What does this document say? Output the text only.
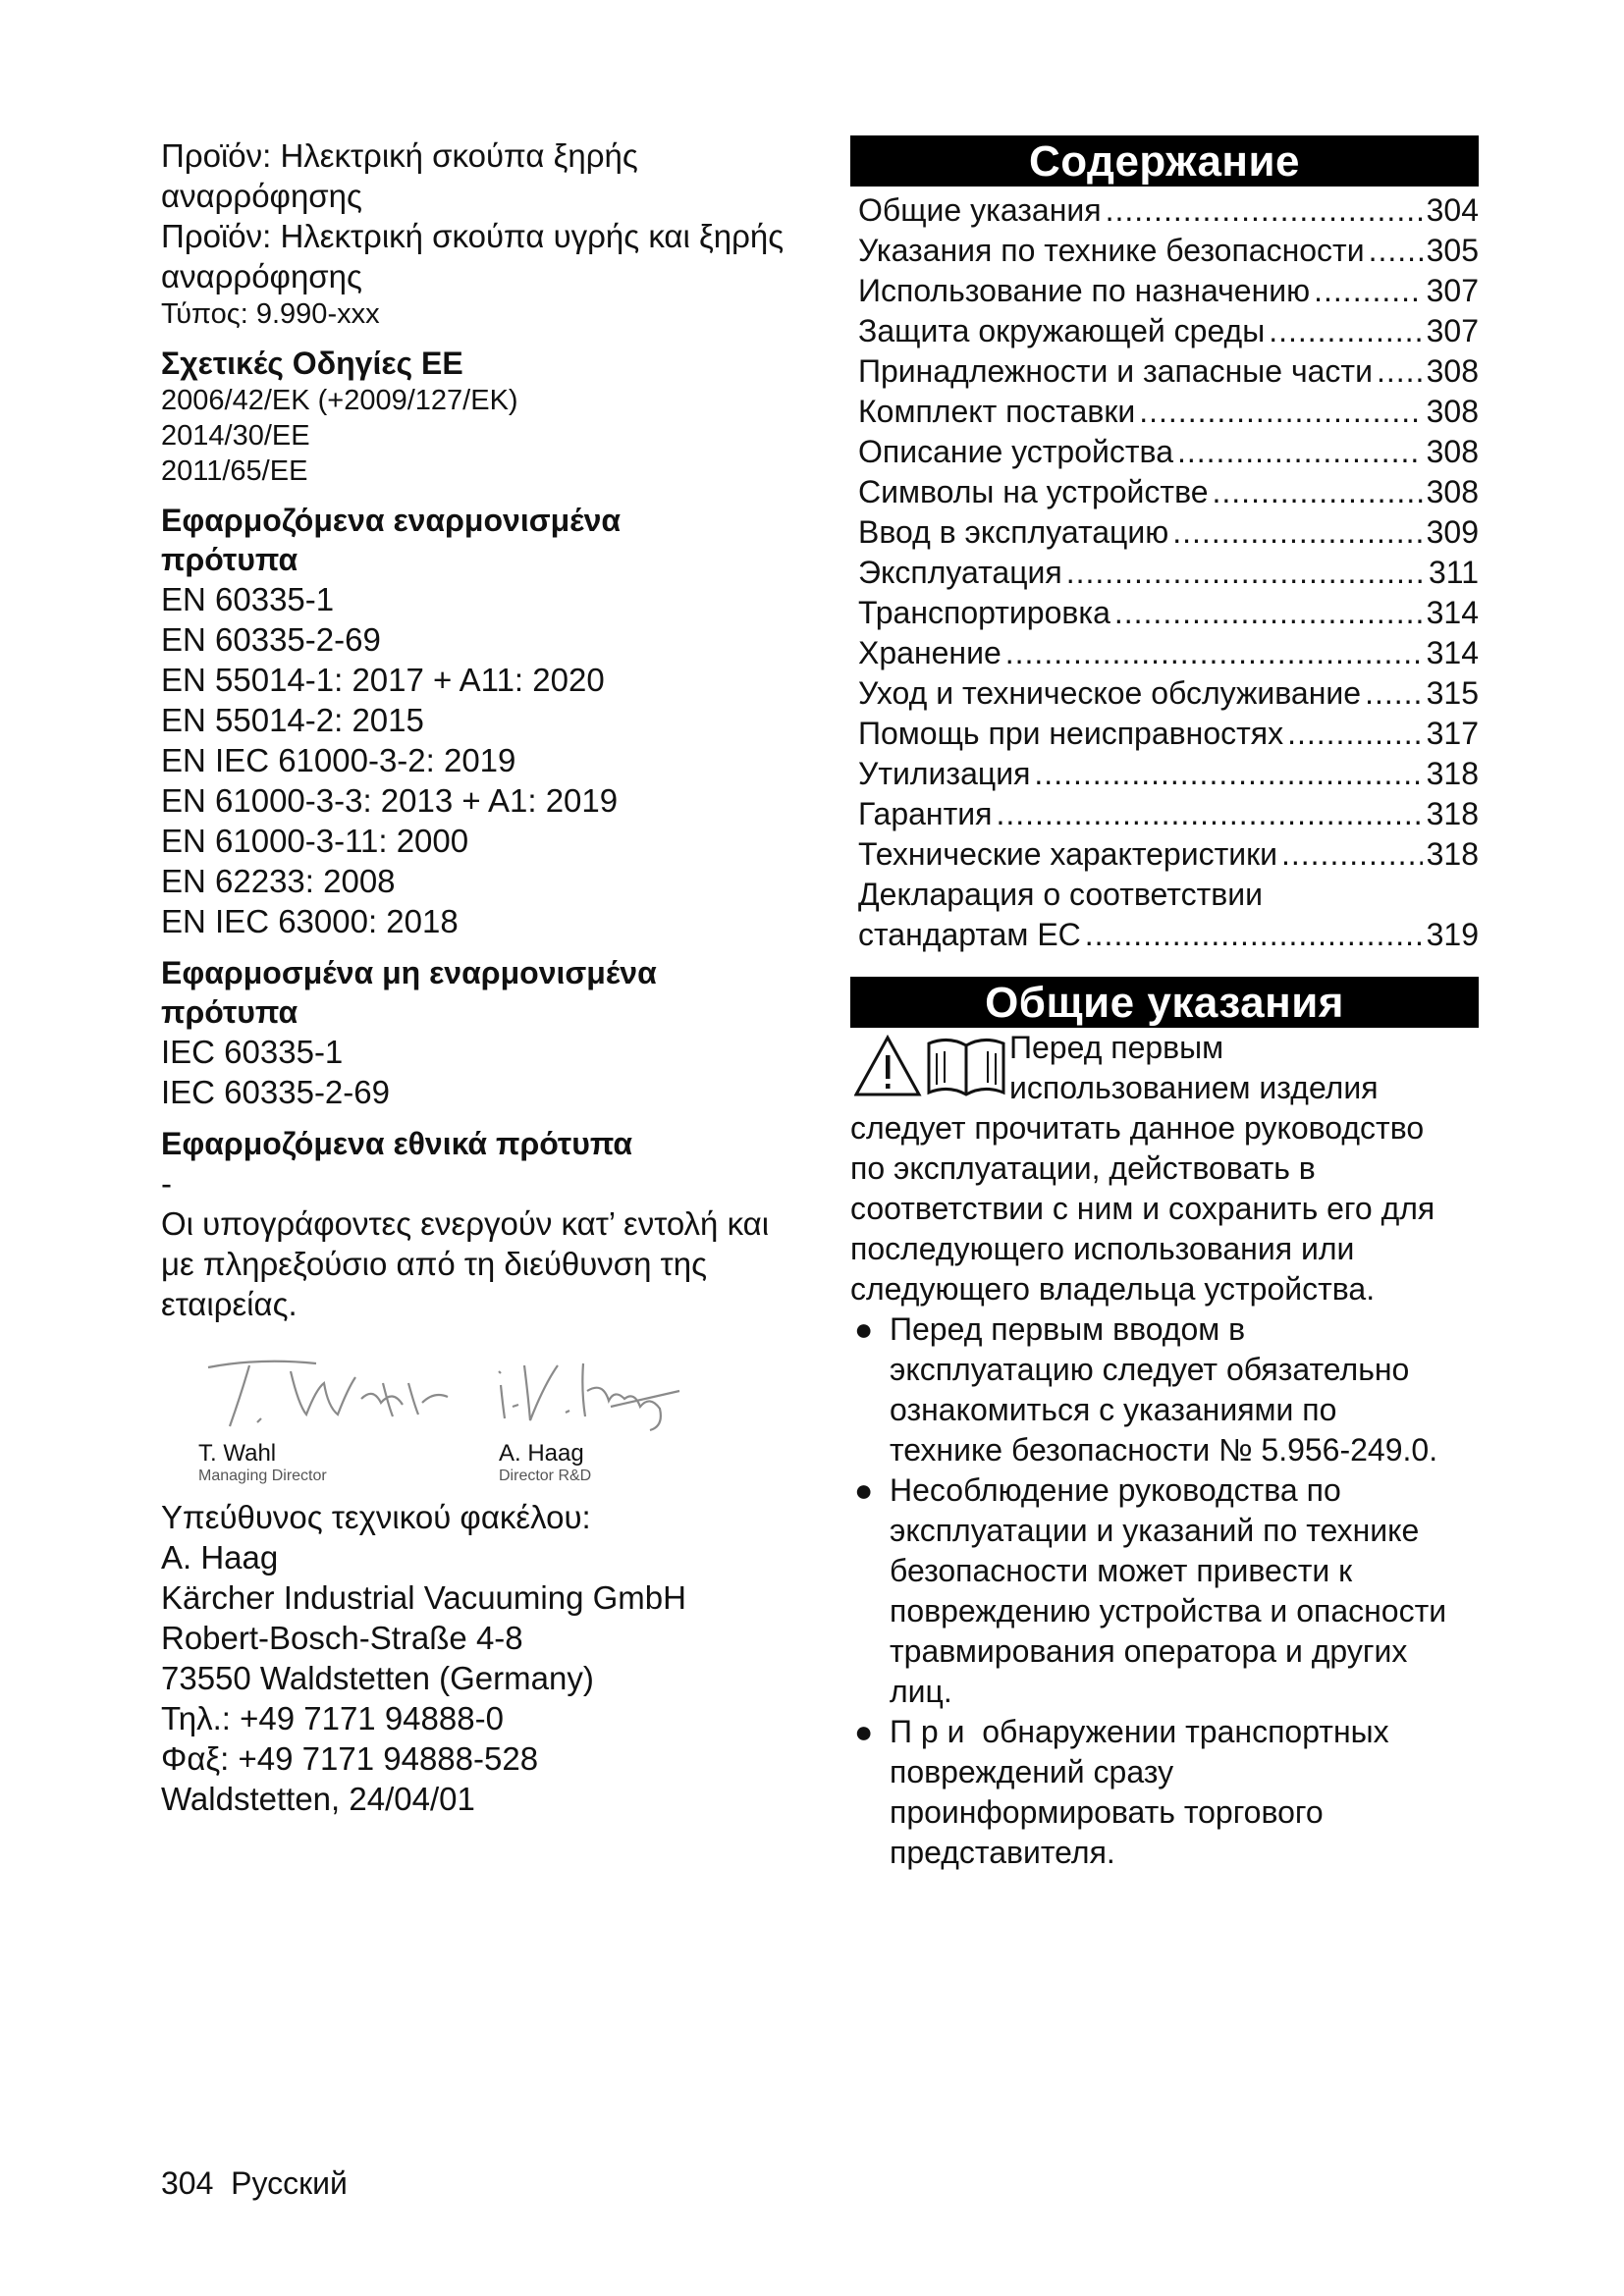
Προϊόν: Ηλεκτρική σκούπα ξηρής
αναρρόφησης
Προϊόν: Ηλεκτρική σκούπα υγρής και ξηρής
αναρρόφησης
Τύπος: 9.990-xxx
Σχετικές Οδηγίες ΕΕ
2006/42/EK (+2009/127/EK)
2014/30/EE
2011/65/EE
Εφαρμοζόμενα εναρμονισμένα
πρότυπα
EN 60335-1
EN 60335-2-69
EN 55014-1: 2017 + A11: 2020
EN 55014-2: 2015
EN IEC 61000-3-2: 2019
EN 61000-3-3: 2013 + A1: 2019
EN 61000-3-11: 2000
EN 62233: 2008
EN IEC 63000: 2018
Εφαρμοσμένα μη εναρμονισμένα
πρότυπα
IEC 60335-1
IEC 60335-2-69
Εφαρμοζόμενα εθνικά πρότυπα
-
Οι υπογράφοντες ενεργούν κατ’ εντολή και
με πληρεξούσιο από τη διεύθυνση της
εταιρείας.
T. Wahl
Managing Director
A. Haag
Director R&D
Υπεύθυνος τεχνικού φακέλου:
A. Haag
Kärcher Industrial Vacuuming GmbH
Robert-Bosch-Straße 4-8
73550 Waldstetten (Germany)
Τηλ.: +49 7171 94888-0
Φαξ: +49 7171 94888-528
Waldstetten, 24/04/01
Содержание
Общие указания .....	304
Указания по технике безопасности ..... 305
Использование по назначению .....	307
Защита окружающей среды .....	307
Принадлежности и запасные части ..... 308
Комплект поставки .....	308
Описание устройства .....	308
Символы на устройстве .....	308
Ввод в эксплуатацию .....	309
Эксплуатация .....	311
Транспортировка .....	314
Хранение .....	314
Уход и техническое обслуживание ..... 315
Помощь при неисправностях .....	317
Утилизация .....	318
Гарантия .....	318
Технические характеристики .....	318
Декларация о соответствии
стандартам ЕС .....	319
Общие указания
Перед первым
использованием изделия
следует прочитать данное руководство
по эксплуатации, действовать в
соответствии с ним и сохранить его для
последующего использования или
следующего владельца устройства.
● Перед первым вводом в
эксплуатацию следует обязательно
ознакомиться с указаниями по
технике безопасности № 5.956-249.0.
● Несоблюдение руководства по
эксплуатации и указаний по технике
безопасности может привести к
повреждению устройства и опасности
травмирования оператора и других
лиц.
● П р и  обнаружении транспортных
повреждений сразу
проинформировать торгового
представителя.
304 Русский
